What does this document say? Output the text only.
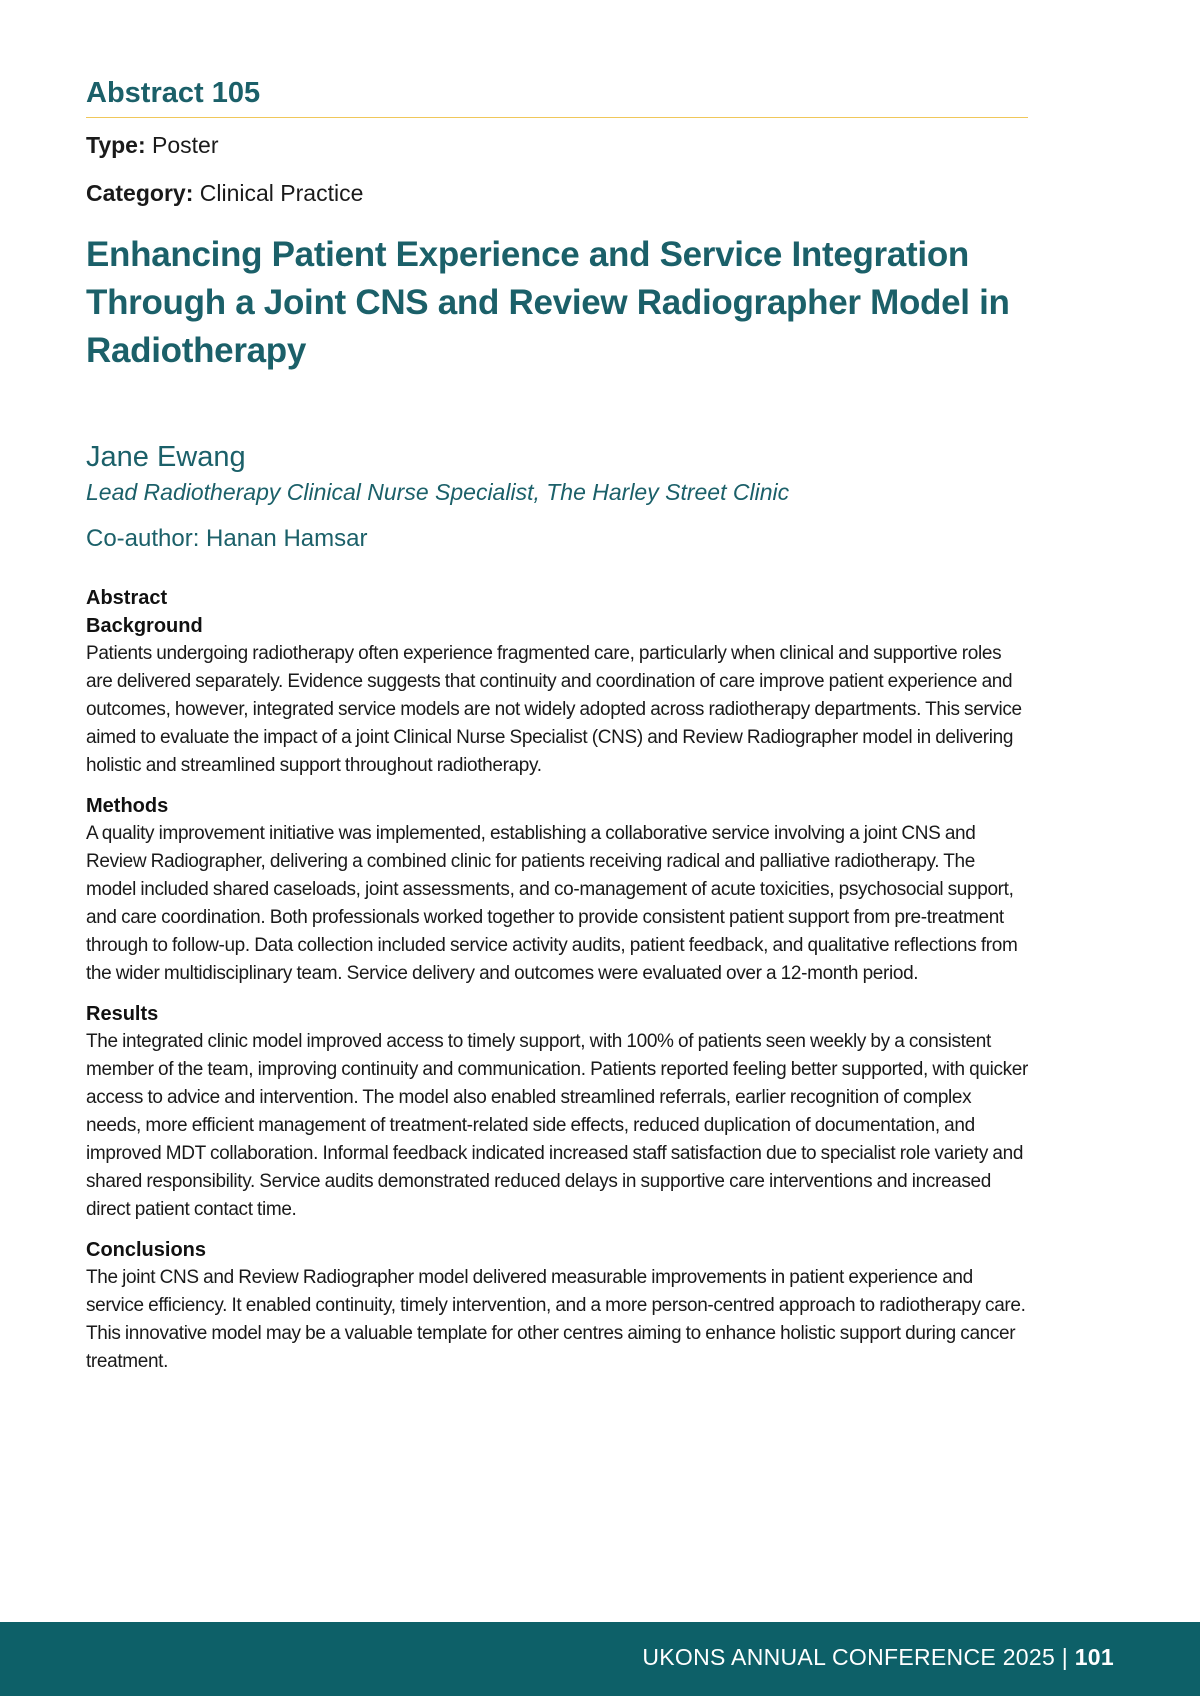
Abstract 105

Type: Poster

Category: Clinical Practice

Enhancing Patient Experience and Service Integration Through a Joint CNS and Review Radiographer Model in Radiotherapy

Jane Ewang

Lead Radiotherapy Clinical Nurse Specialist, The Harley Street Clinic

Co-author: Hanan Hamsar

Abstract
Background

Patients undergoing radiotherapy often experience fragmented care, particularly when clinical and supportive roles are delivered separately. Evidence suggests that continuity and coordination of care improve patient experience and outcomes, however, integrated service models are not widely adopted across radiotherapy departments. This service aimed to evaluate the impact of a joint Clinical Nurse Specialist (CNS) and Review Radiographer model in delivering holistic and streamlined support throughout radiotherapy.

Methods

A quality improvement initiative was implemented, establishing a collaborative service involving a joint CNS and Review Radiographer, delivering a combined clinic for patients receiving radical and palliative radiotherapy. The model included shared caseloads, joint assessments, and co-management of acute toxicities, psychosocial support, and care coordination. Both professionals worked together to provide consistent patient support from pre-treatment through to follow-up. Data collection included service activity audits, patient feedback, and qualitative reflections from the wider multidisciplinary team. Service delivery and outcomes were evaluated over a 12-month period.

Results

The integrated clinic model improved access to timely support, with 100% of patients seen weekly by a consistent member of the team, improving continuity and communication. Patients reported feeling better supported, with quicker access to advice and intervention. The model also enabled streamlined referrals, earlier recognition of complex needs, more efficient management of treatment-related side effects, reduced duplication of documentation, and improved MDT collaboration. Informal feedback indicated increased staff satisfaction due to specialist role variety and shared responsibility. Service audits demonstrated reduced delays in supportive care interventions and increased direct patient contact time.

Conclusions

The joint CNS and Review Radiographer model delivered measurable improvements in patient experience and service efficiency. It enabled continuity, timely intervention, and a more person-centred approach to radiotherapy care. This innovative model may be a valuable template for other centres aiming to enhance holistic support during cancer treatment.

UKONS ANNUAL CONFERENCE 2025 | 101
